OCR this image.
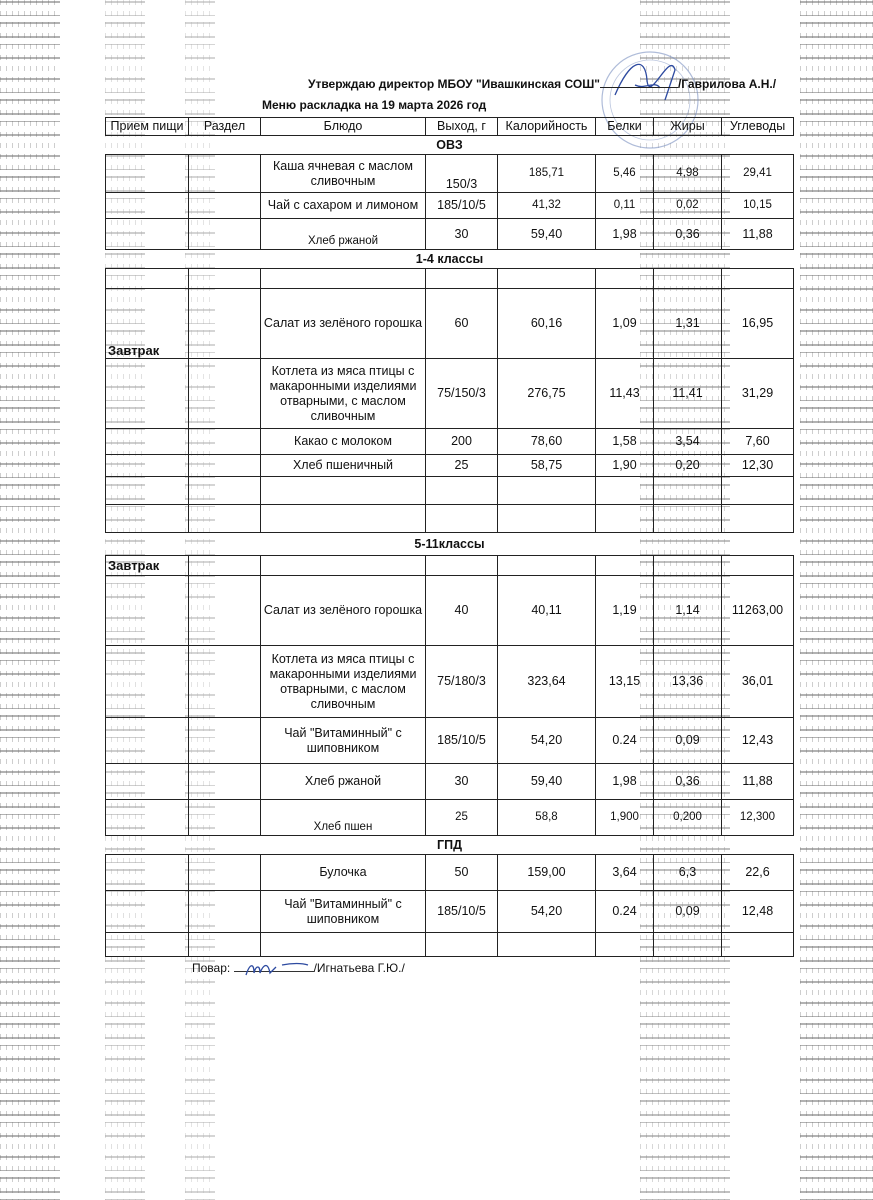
Утверждаю директор МБОУ "Ивашкинская СОШ"	/Гаврилова А.Н./
Меню раскладка на 19 марта 2026 год
Прием пищи	Раздел	Блюдо	Выход, г	Калорийность	Белки	Жиры	Углеводы
ОВЗ							
		Каша ячневая с маслом сливочным	150/3	185,71	5,46	4,98	29,41
		Чай с сахаром и лимоном	185/10/5	41,32	0,11	0,02	10,15
		Хлеб ржаной	30	59,40	1,98	0,36	11,88
1-4 классы							

Завтрак		Салат из зелёного горошка	60	60,16	1,09	1,31	16,95
		Котлета из мяса птицы с макаронными изделиями отварными, с маслом сливочным	75/150/3	276,75	11,43	11,41	31,29
		Какао с молоком	200	78,60	1,58	3,54	7,60
		Хлеб пшеничный	25	58,75	1,90	0,20	12,30

5-11классы							
Завтрак							
		Салат из зелёного горошка	40	40,11	1,19	1,14	11263,00
		Котлета из мяса птицы с макаронными изделиями отварными, с маслом сливочным	75/180/3	323,64	13,15	13,36	36,01
		Чай "Витаминный" с шиповником	185/10/5	54,20	0.24	0,09	12,43
		Хлеб ржаной	30	59,40	1,98	0,36	11,88
		Хлеб пшен	25	58,8	1,900	0,200	12,300
ГПД							
		Булочка	50	159,00	3,64	6,3	22,6
		Чай "Витаминный" с шиповником	185/10/5	54,20	0.24	0,09	12,48

Повар:	/Игнатьева Г.Ю./
